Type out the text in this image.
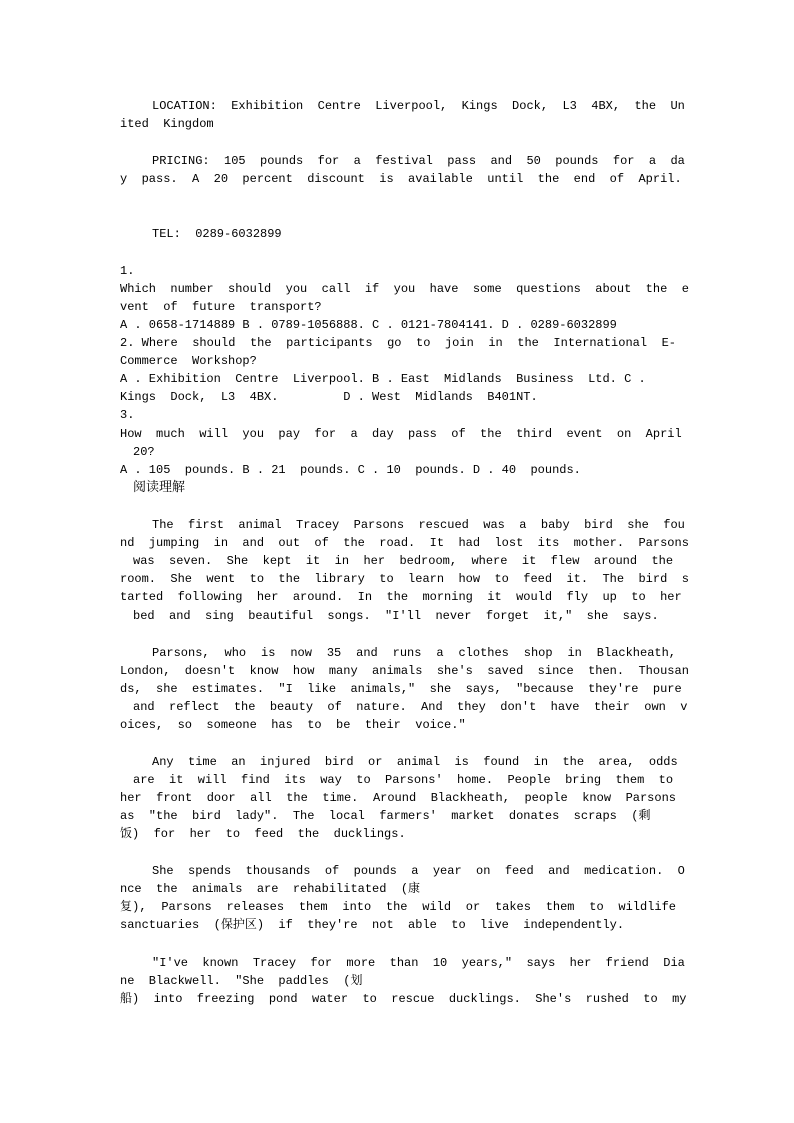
LOCATION:  Exhibition  Centre  Liverpool,  Kings  Dock,  L3  4BX,  the  Un
ited  Kingdom
PRICING:  105  pounds  for  a  festival  pass  and  50  pounds  for  a  da
y  pass.  A  20  percent  discount  is  available  until  the  end  of  April.
TEL:  0289-6032899
1.
Which  number  should  you  call  if  you  have  some  questions  about  the  e
vent  of  future  transport?
A . 0658-1714889 B . 0789-1056888. C . 0121-7804141. D . 0289-6032899
2. Where  should  the  participants  go  to  join  in  the  International  E-
Commerce  Workshop?
A . Exhibition  Centre  Liverpool. B . East  Midlands  Business  Ltd. C .
Kings  Dock,  L3  4BX.         D . West  Midlands  B401NT.
3.
How  much  will  you  pay  for  a  day  pass  of  the  third  event  on  April
20?
A . 105  pounds. B . 21  pounds. C . 10  pounds. D . 40  pounds.
阅读理解
The  first  animal  Tracey  Parsons  rescued  was  a  baby  bird  she  fou
nd  jumping  in  and  out  of  the  road.  It  had  lost  its  mother.  Parsons
was  seven.  She  kept  it  in  her  bedroom,  where  it  flew  around  the
room.  She  went  to  the  library  to  learn  how  to  feed  it.  The  bird  s
tarted  following  her  around.  In  the  morning  it  would  fly  up  to  her
bed  and  sing  beautiful  songs.  "I'll  never  forget  it,"  she  says.
Parsons,  who  is  now  35  and  runs  a  clothes  shop  in  Blackheath,
London,  doesn't  know  how  many  animals  she's  saved  since  then.  Thousan
ds,  she  estimates.  "I  like  animals,"  she  says,  "because  they're  pure
and  reflect  the  beauty  of  nature.  And  they  don't  have  their  own  v
oices,  so  someone  has  to  be  their  voice."
Any  time  an  injured  bird  or  animal  is  found  in  the  area,  odds
are  it  will  find  its  way  to  Parsons'  home.  People  bring  them  to
her  front  door  all  the  time.  Around  Blackheath,  people  know  Parsons
as  "the  bird  lady".  The  local  farmers'  market  donates  scraps  (剩
饭)  for  her  to  feed  the  ducklings.
She  spends  thousands  of  pounds  a  year  on  feed  and  medication.  O
nce  the  animals  are  rehabilitated  (康
复),  Parsons  releases  them  into  the  wild  or  takes  them  to  wildlife
sanctuaries  (保护区)  if  they're  not  able  to  live  independently.
"I've  known  Tracey  for  more  than  10  years,"  says  her  friend  Dia
ne  Blackwell.  "She  paddles  (划
船)  into  freezing  pond  water  to  rescue  ducklings.  She's  rushed  to  my
